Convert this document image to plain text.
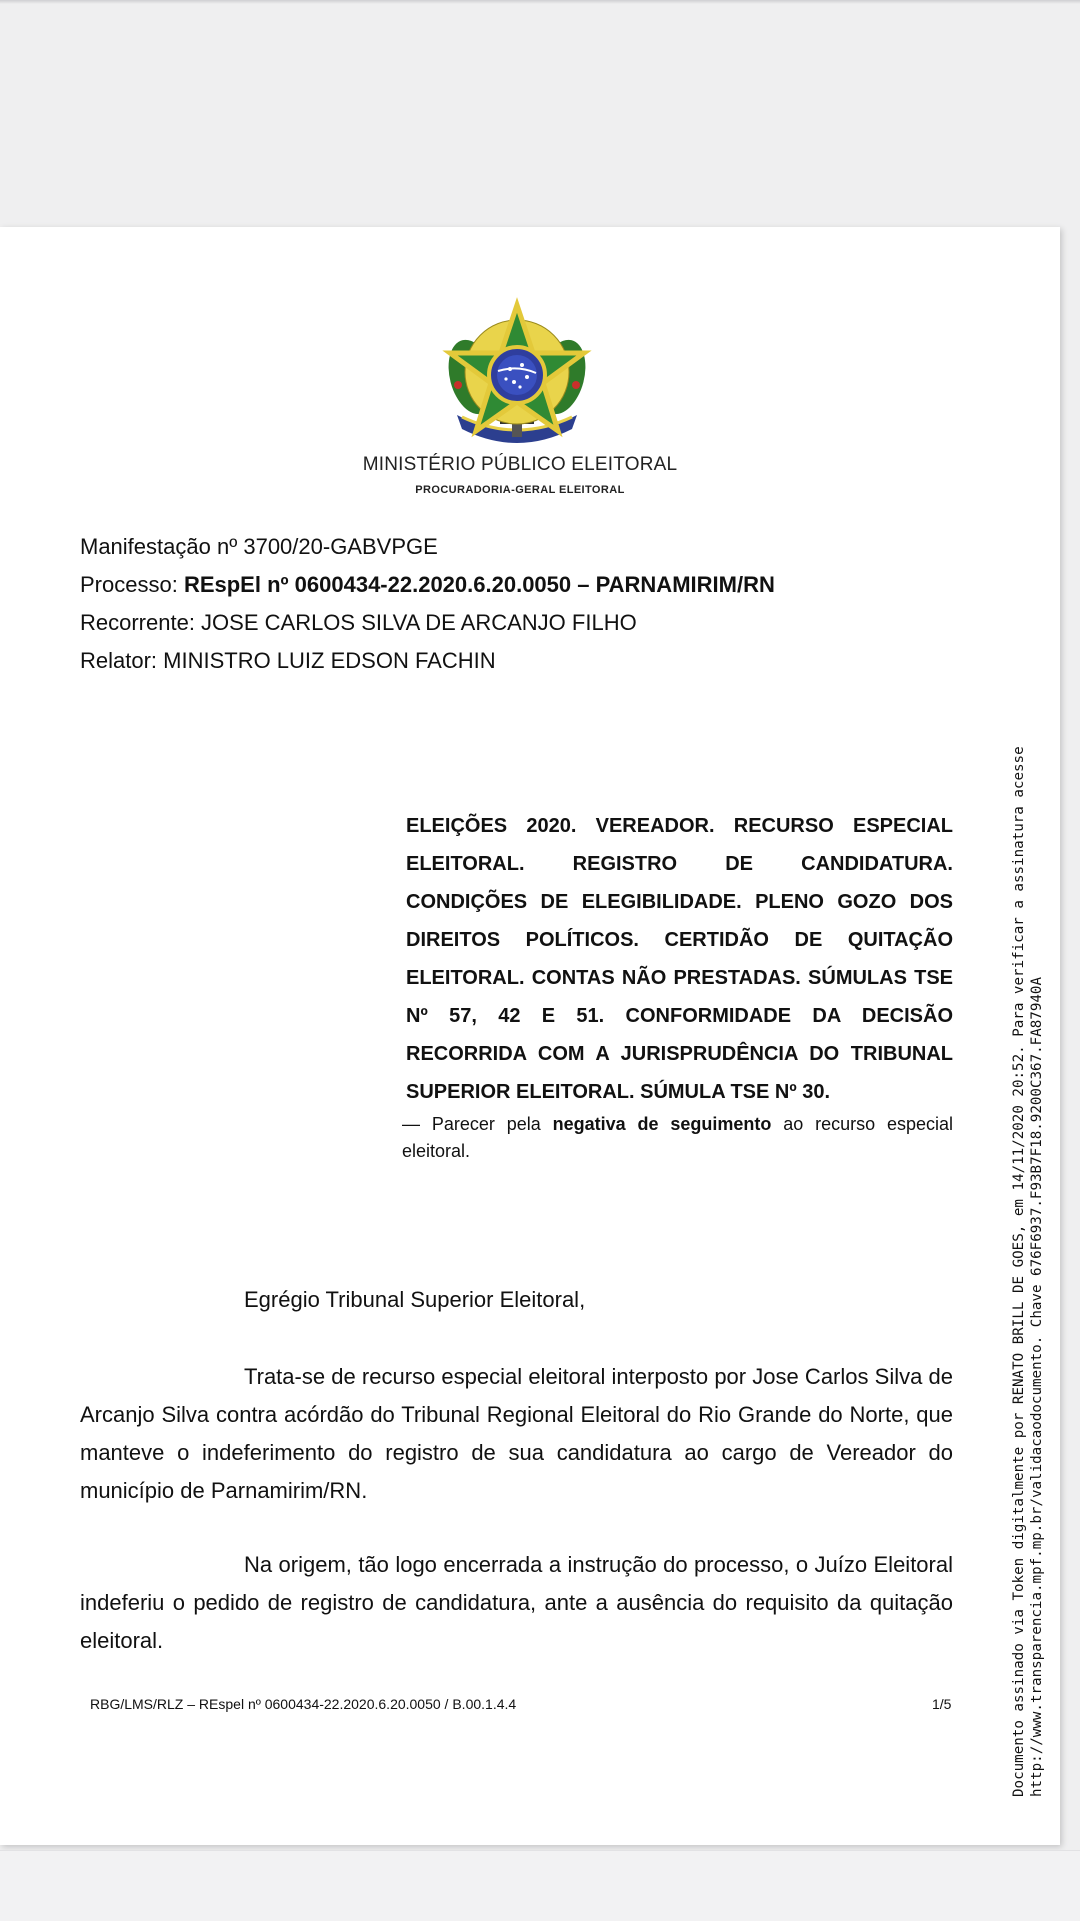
MINISTÉRIO PÚBLICO ELEITORAL
PROCURADORIA-GERAL ELEITORAL
Manifestação nº 3700/20-GABVPGE
Processo: REspEl nº 0600434-22.2020.6.20.0050 – PARNAMIRIM/RN
Recorrente: JOSE CARLOS SILVA DE ARCANJO FILHO
Relator: MINISTRO LUIZ EDSON FACHIN
ELEIÇÕES 2020. VEREADOR. RECURSO ESPECIAL
ELEITORAL. REGISTRO DE CANDIDATURA.
CONDIÇÕES DE ELEGIBILIDADE. PLENO GOZO DOS
DIREITOS POLÍTICOS. CERTIDÃO DE QUITAÇÃO
ELEITORAL. CONTAS NÃO PRESTADAS. SÚMULAS TSE
Nº 57, 42 E 51. CONFORMIDADE DA DECISÃO
RECORRIDA COM A JURISPRUDÊNCIA DO TRIBUNAL
SUPERIOR ELEITORAL. SÚMULA TSE Nº 30.
— Parecer pela negativa de seguimento ao recurso especial eleitoral.
Egrégio Tribunal Superior Eleitoral,
Trata-se de recurso especial eleitoral interposto por Jose Carlos Silva de Arcanjo Silva contra acórdão do Tribunal Regional Eleitoral do Rio Grande do Norte, que manteve o indeferimento do registro de sua candidatura ao cargo de Vereador do município de Parnamirim/RN.
Na origem, tão logo encerrada a instrução do processo, o Juízo Eleitoral indeferiu o pedido de registro de candidatura, ante a ausência do requisito da quitação eleitoral.
RBG/LMS/RLZ – REspel nº 0600434-22.2020.6.20.0050 / B.00.1.4.4	1/5	Documento assinado via Token digitalmente por RENATO BRILL DE GOES, em 14/11/2020 20:52. Para verificar a assinatura acesse http://www.transparencia.mpf.mp.br/validacaodocumento. Chave 676F6937.F93B7F18.9200C367.FA87940A
